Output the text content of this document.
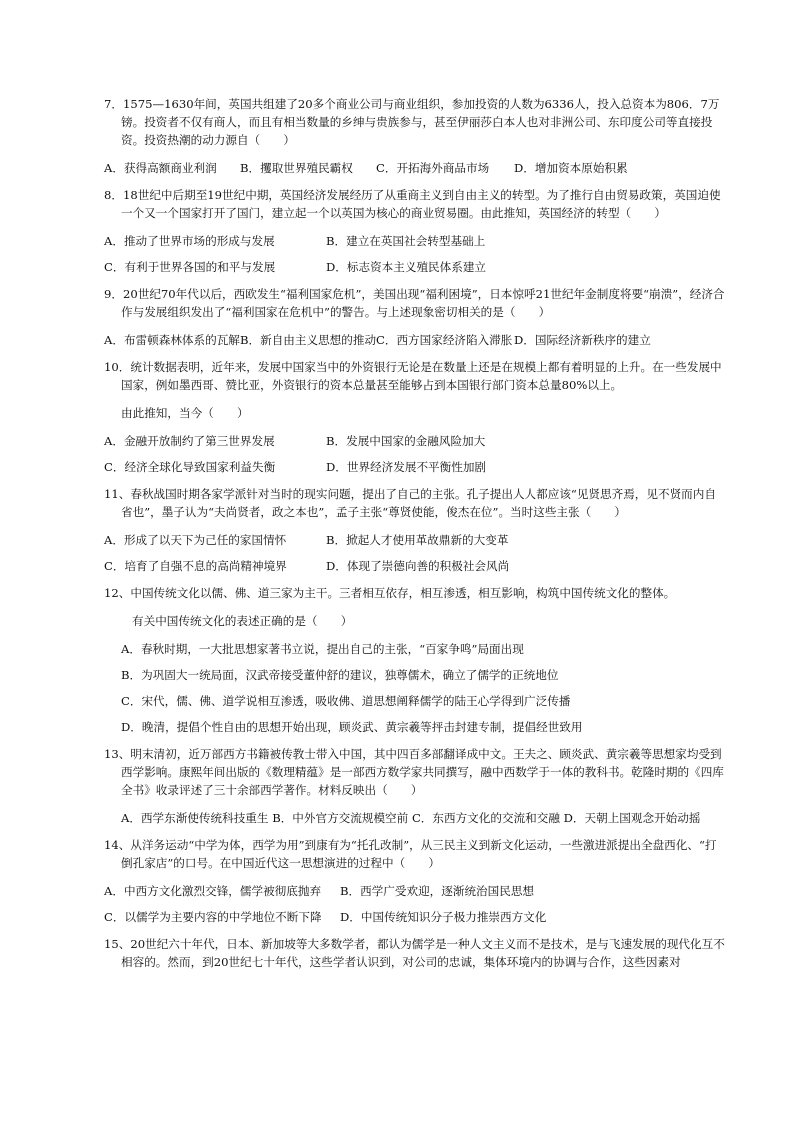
7．1575—1630年间，英国共组建了20多个商业公司与商业组织，参加投资的人数为6336人，投入总资本为806．7万镑。投资者不仅有商人，而且有相当数量的乡绅与贵族参与，甚至伊丽莎白本人也对非洲公司、东印度公司等直接投资。投资热潮的动力源自（　　）

A．获得高额商业利润	B．攫取世界殖民霸权	C．开拓海外商品市场	D．增加资本原始积累

8．18世纪中后期至19世纪中期，英国经济发展经历了从重商主义到自由主义的转型。为了推行自由贸易政策，英国迫使一个又一个国家打开了国门，建立起一个以英国为核心的商业贸易圈。由此推知，英国经济的转型（　　）

A．推动了世界市场的形成与发展	B．建立在英国社会转型基础上
C．有利于世界各国的和平与发展	D．标志资本主义殖民体系建立

9．20世纪70年代以后，西欧发生“福利国家危机”，美国出现“福利困境”，日本惊呼21世纪年金制度将要“崩溃”，经济合作与发展组织发出了“福利国家在危机中”的警告。与上述现象密切相关的是（　　）

A．布雷顿森林体系的瓦解 B．新自由主义思想的推动 C．西方国家经济陷入滞胀 D．国际经济新秩序的建立

10．统计数据表明，近年来，发展中国家当中的外资银行无论是在数量上还是在规模上都有着明显的上升。在一些发展中国家，例如墨西哥、赞比亚，外资银行的资本总量甚至能够占到本国银行部门资本总量80%以上。

由此推知，当今（　　）

A．金融开放制约了第三世界发展	B．发展中国家的金融风险加大
C．经济全球化导致国家利益失衡	D．世界经济发展不平衡性加剧

11、春秋战国时期各家学派针对当时的现实问题，提出了自己的主张。孔子提出人人都应该“见贤思齐焉，见不贤而内自省也”，墨子认为“夫尚贤者，政之本也”，孟子主张“尊贤使能，俊杰在位”。当时这些主张（　　）

A．形成了以天下为己任的家国情怀	B．掀起人才使用革故鼎新的大变革
C．培育了自强不息的高尚精神境界	D．体现了崇德向善的积极社会风尚

12、中国传统文化以儒、佛、道三家为主干。三者相互依存，相互渗透，相互影响，构筑中国传统文化的整体。

有关中国传统文化的表述正确的是（　　）

A．春秋时期，一大批思想家著书立说，提出自己的主张，“百家争鸣”局面出现
B．为巩固大一统局面，汉武帝接受董仲舒的建议，独尊儒术，确立了儒学的正统地位
C．宋代，儒、佛、道学说相互渗透，吸收佛、道思想阐释儒学的陆王心学得到广泛传播
D．晚清，提倡个性自由的思想开始出现，顾炎武、黄宗羲等抨击封建专制，提倡经世致用

13、明末清初，近万部西方书籍被传教士带入中国，其中四百多部翻译成中文。王夫之、顾炎武、黄宗羲等思想家均受到西学影响。康熙年间出版的《数理精蕴》是一部西方数学家共同撰写，融中西数学于一体的教科书。乾隆时期的《四库全书》收录评述了三十余部西学著作。材料反映出（　　）

A．西学东渐使传统科技重生 B．中外官方交流规模空前 C．东西方文化的交流和交融 D．天朝上国观念开始动摇

14、从洋务运动“中学为体，西学为用”到康有为“托孔改制”，从三民主义到新文化运动，一些激进派提出全盘西化、“打倒孔家店”的口号。在中国近代这一思想演进的过程中（　　）

A．中西方文化激烈交锋，儒学被彻底抛弃	B．西学广受欢迎，逐渐统治国民思想
C．以儒学为主要内容的中学地位不断下降	D．中国传统知识分子极力推崇西方文化

15、20世纪六十年代，日本、新加坡等大多数学者，都认为儒学是一种人文主义而不是技术，是与飞速发展的现代化互不相容的。然而，到20世纪七十年代，这些学者认识到，对公司的忠诚，集体环境内的协调与合作，这些因素对
